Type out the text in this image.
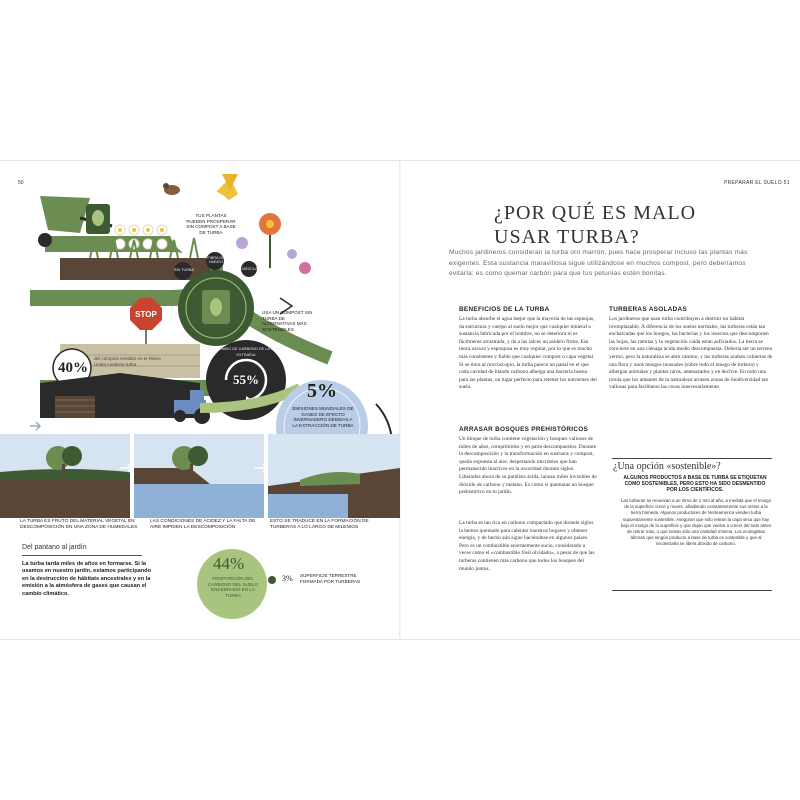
50	PREPARAR EL SUELO 51
STOP
TUS PLANTAS PUEDEN PROSPERAR SIN COMPOST A BASE DE TURBA
SIN TURBA
FIBRA DE HABICH
MEZCLA
USA UN COMPOST SIN TURBA DE ALTERNATIVAS MÁS SOSTENIBLES
40%
del compost vendido en el Reino Unido contiene turba
CONTENIDO DE CARBONO DE LA TURBA EXTRAÍDA
55%
5%
EMISIONES MUNDIALES DE GASES DE EFECTO INVERNADERO DEBIDAS A LA EXTRACCIÓN DE TURBA
LA TURBA ES FRUTO DEL MATERIAL VEGETAL EN DESCOMPOSICIÓN EN UNA ZONA DE HUMEDALES
LAS CONDICIONES DE ACIDEZ Y LA FALTA DE AIRE IMPIDEN LA DESCOMPOSICIÓN
ESTO SE TRADUCE EN LA FORMACIÓN DE TURBERAS A LO LARGO DE MILENIOS
Del pantano al jardín
La turba tarda miles de años en formarse. Si la usamos en nuestro jardín, estamos participando en la destrucción de hábitats ancestrales y en la emisión a la atmósfera de gases que causan el cambio climático.
44%
PROPORCIÓN DEL CARBONO DEL SUELO ENCERRADO EN LA TURBA
3% SUPERFICIE TERRESTRE FORMADA POR TURBERAS
¿POR QUÉ ES MALO USAR TURBA?
Muchos jardineros consideran la turba oro marrón, pues hace prosperar incluso las plantas más exigentes. Esta sustancia maravillosa sigue utilizándose en muchos compost, pero deberíamos evitarla: es como quemar carbón para que tus petunias estén bonitas.
BENEFICIOS DE LA TURBA
La turba absorbe el agua mejor que la mayoría de las esponjas, da estructura y cuerpo al suelo mejor que cualquier mineral o sustancia fabricada por el hombre, no se deteriora ni es fácilmente arrastrada, y da a las raíces un asidero firme. Esa tierra oscura y esponjosa es muy regular, por lo que es mucho más consistente y fiable que cualquier compost o capa vegetal. Si se mira al microscopio, la turba parece un panal en el que cada cavidad de blando carbono alberga una bacteria buena para las plantas, un lugar perfecto para retener los nutrientes del suelo.
ARRASAR BOSQUES PREHISTÓRICOS
Un bloque de turba contiene vegetación y bosques valiosos de miles de años, comprimidos y en parte descompuestos. Durante la descomposición y la transformación en sustratos y compost, queda expuesta al aire, despertando microbios que han permanecido inactivos en la oscuridad durante siglos. Liberados ahora de su parálisis ácida, lanzan miles invisibles de dióxido de carbono y metano. Es como si quemaras un bosque prehistórico en tu jardín.
La turba es tan rica en carbono compactado que durante siglos la hemos quemado para calentar nuestros hogares y obtener energía, y de hecho aún sigue haciéndose en algunos países. Pero es un combustible enormemente sucio, considerado a veces como el «combustible fósil olvidado», a pesar de que las turberas contienen más carbono que todos los bosques del mundo juntos.
TURBERAS ASOLADAS
Los jardineros que usan turba contribuyen a destruir un hábitat irremplazable. A diferencia de los suelos normales, las turberas están tan encharcadas que los hongos, las bacterias y los insectos que descomponen las hojas, las ramitas y la vegetación caída están asfixiados. La tierra se convierte en una ciénaga ácida medio descompuesta. Debería ser un terreno yermo, pero la naturaleza se abre camino, y las turberas acaban cubiertas de una flora y unos musgos inusuales (sobre todo el musgo de turbera) y albergan animales y plantas raros, amenazados y en declive. En todo una ironía que los amantes de la naturaleza arrasen zonas de biodiversidad tan valiosas para facilitarse las cosas innecesariamente.
¿Una opción «sostenible»?
ALGUNOS PRODUCTOS A BASE DE TURBA SE ETIQUETAN COMO SOSTENIBLES, PERO ESTO HA SIDO DESMENTIDO POR LOS CIENTÍFICOS.
Las turberas se renuevan a un ritmo de 1 mm al año, a medida que el musgo de la superficie crece y muere, añadiendo constantemente sus restos a la tierra húmeda. Algunos productores de Norteamérica venden turba supuestamente sostenible. Aseguran que sólo retiran la capa seca que hay bajo el musgo de la superficie y que dejan que vuelva a crecer del todo antes de retirar más, o que toman sólo una cantidad mínima. Los ecologistas afirman que ningún producto a base de turba es sostenible y que al recolectarla se libera dióxido de carbono.
